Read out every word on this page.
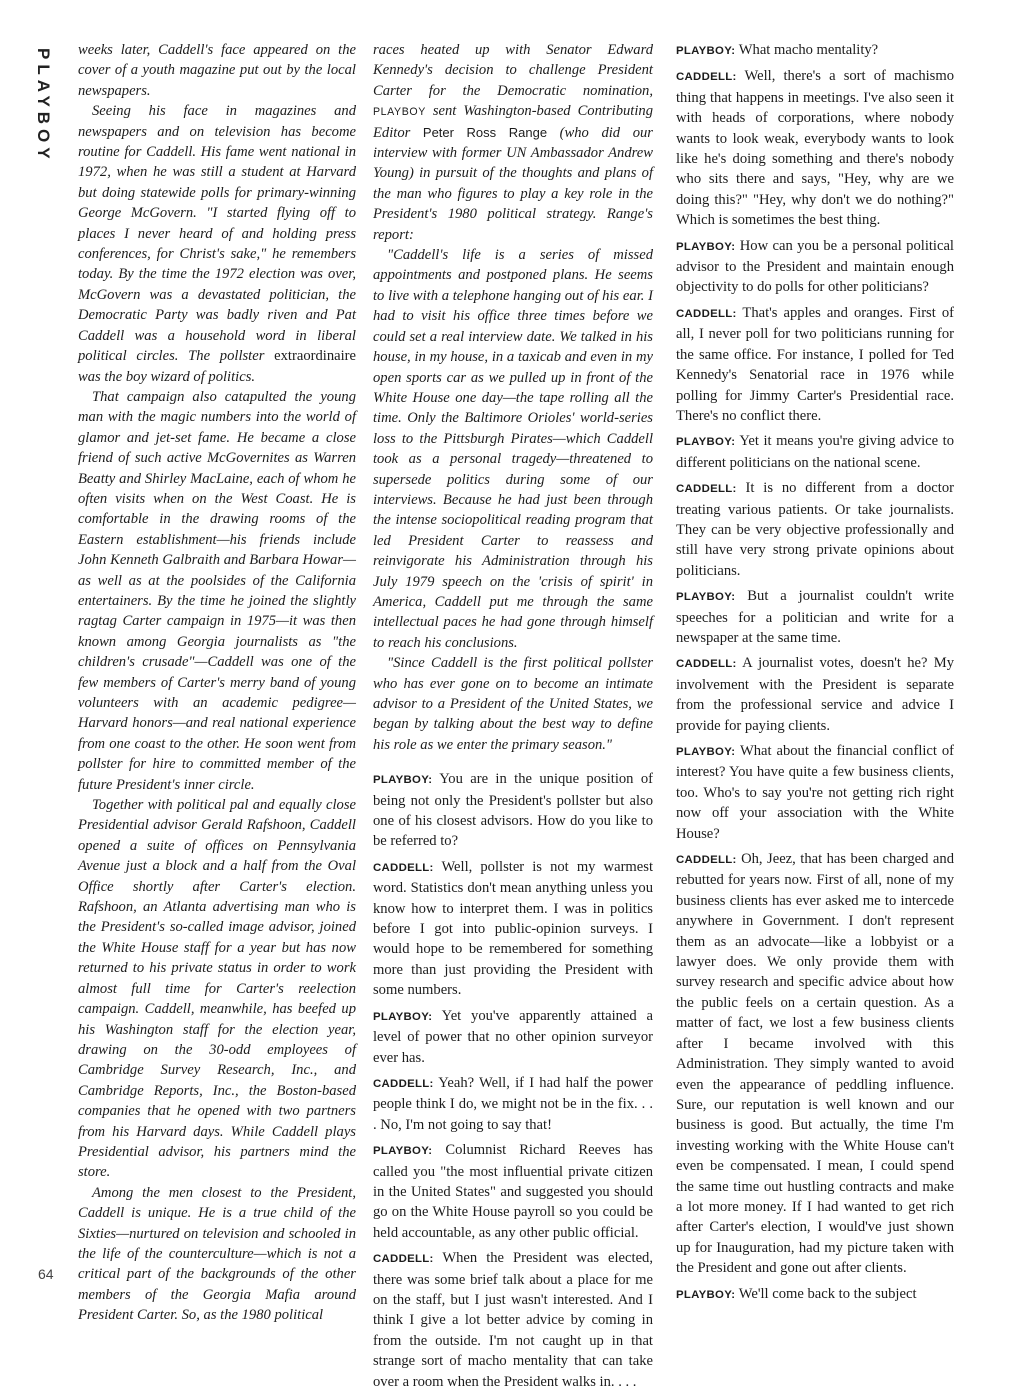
PLAYBOY weeks later, Caddell's face appeared on the cover of a youth magazine put out by the local newspapers.

Seeing his face in magazines and newspapers and on television has become routine for Caddell. His fame went national in 1972, when he was still a student at Harvard but doing statewide polls for primary-winning George McGovern. "I started flying off to places I never heard of and holding press conferences, for Christ's sake," he remembers today. By the time the 1972 election was over, McGovern was a devastated politician, the Democratic Party was badly riven and Pat Caddell was a household word in liberal political circles. The pollster extraordinaire was the boy wizard of politics.

That campaign also catapulted the young man with the magic numbers into the world of glamor and jet-set fame. He became a close friend of such active McGovernites as Warren Beatty and Shirley MacLaine, each of whom he often visits when on the West Coast. He is comfortable in the drawing rooms of the Eastern establishment—his friends include John Kenneth Galbraith and Barbara Howar—as well as at the poolsides of the California entertainers. By the time he joined the slightly ragtag Carter campaign in 1975—it was then known among Georgia journalists as "the children's crusade"—Caddell was one of the few members of Carter's merry band of young volunteers with an academic pedigree—Harvard honors—and real national experience from one coast to the other. He soon went from pollster for hire to committed member of the future President's inner circle.

Together with political pal and equally close Presidential advisor Gerald Rafshoon, Caddell opened a suite of offices on Pennsylvania Avenue just a block and a half from the Oval Office shortly after Carter's election. Rafshoon, an Atlanta advertising man who is the President's so-called image advisor, joined the White House staff for a year but has now returned to his private status in order to work almost full time for Carter's reelection campaign. Caddell, meanwhile, has beefed up his Washington staff for the election year, drawing on the 30-odd employees of Cambridge Survey Research, Inc., and Cambridge Reports, Inc., the Boston-based companies that he opened with two partners from his Harvard days. While Caddell plays Presidential advisor, his partners mind the store.

Among the men closest to the President, Caddell is unique. He is a true child of the Sixties—nurtured on television and schooled in the life of the counterculture—which is not a critical part of the backgrounds of the other members of the Georgia Mafia around President Carter. So, as the 1980 political

races heated up with Senator Edward Kennedy's decision to challenge President Carter for the Democratic nomination, PLAYBOY sent Washington-based Contributing Editor Peter Ross Range (who did our interview with former UN Ambassador Andrew Young) in pursuit of the thoughts and plans of the man who figures to play a key role in the President's 1980 political strategy. Range's report:

"Caddell's life is a series of missed appointments and postponed plans. He seems to live with a telephone hanging out of his ear. I had to visit his office three times before we could set a real interview date. We talked in his house, in my house, in a taxicab and even in my open sports car as we pulled up in front of the White House one day—the tape rolling all the time. Only the Baltimore Orioles' world-series loss to the Pittsburgh Pirates—which Caddell took as a personal tragedy—threatened to supersede politics during some of our interviews. Because he had just been through the intense sociopolitical reading program that led President Carter to reassess and reinvigorate his Administration through his July 1979 speech on the 'crisis of spirit' in America, Caddell put me through the same intellectual paces he had gone through himself to reach his conclusions.

"Since Caddell is the first political pollster who has ever gone on to become an intimate advisor to a President of the United States, we began by talking about the best way to define his role as we enter the primary season."

PLAYBOY: You are in the unique position of being not only the President's pollster but also one of his closest advisors. How do you like to be referred to?

CADDELL: Well, pollster is not my warmest word. Statistics don't mean anything unless you know how to interpret them. I was in politics before I got into public-opinion surveys. I would hope to be remembered for something more than just providing the President with some numbers.

PLAYBOY: Yet you've apparently attained a level of power that no other opinion surveyor ever has.

CADDELL: Yeah? Well, if I had half the power people think I do, we might not be in the fix. . . . No, I'm not going to say that!

PLAYBOY: Columnist Richard Reeves has called you "the most influential private citizen in the United States" and suggested you should go on the White House payroll so you could be held accountable, as any other public official.

CADDELL: When the President was elected, there was some brief talk about a place for me on the staff, but I just wasn't interested. And I think I give a lot better advice by coming in from the outside. I'm not caught up in that strange sort of macho mentality that can take over a room when the President walks in. . . .

PLAYBOY: What macho mentality?

CADDELL: Well, there's a sort of machismo thing that happens in meetings. I've also seen it with heads of corporations, where nobody wants to look weak, everybody wants to look like he's doing something and there's nobody who sits there and says, "Hey, why are we doing this?" "Hey, why don't we do nothing?" Which is sometimes the best thing.

PLAYBOY: How can you be a personal political advisor to the President and maintain enough objectivity to do polls for other politicians?

CADDELL: That's apples and oranges. First of all, I never poll for two politicians running for the same office. For instance, I polled for Ted Kennedy's Senatorial race in 1976 while polling for Jimmy Carter's Presidential race. There's no conflict there.

PLAYBOY: Yet it means you're giving advice to different politicians on the national scene.

CADDELL: It is no different from a doctor treating various patients. Or take journalists. They can be very objective professionally and still have very strong private opinions about politicians.

PLAYBOY: But a journalist couldn't write speeches for a politician and write for a newspaper at the same time.

CADDELL: A journalist votes, doesn't he? My involvement with the President is separate from the professional service and advice I provide for paying clients.

PLAYBOY: What about the financial conflict of interest? You have quite a few business clients, too. Who's to say you're not getting rich right now off your association with the White House?

CADDELL: Oh, Jeez, that has been charged and rebutted for years now. First of all, none of my business clients has ever asked me to intercede anywhere in Government. I don't represent them as an advocate—like a lobbyist or a lawyer does. We only provide them with survey research and specific advice about how the public feels on a certain question. As a matter of fact, we lost a few business clients after I became involved with this Administration. They simply wanted to avoid even the appearance of peddling influence. Sure, our reputation is well known and our business is good. But actually, the time I'm investing working with the White House can't even be compensated. I mean, I could spend the same time out hustling contracts and make a lot more money. If I had wanted to get rich after Carter's election, I would've just shown up for Inauguration, had my picture taken with the President and gone out after clients.

PLAYBOY: We'll come back to the subject

64
